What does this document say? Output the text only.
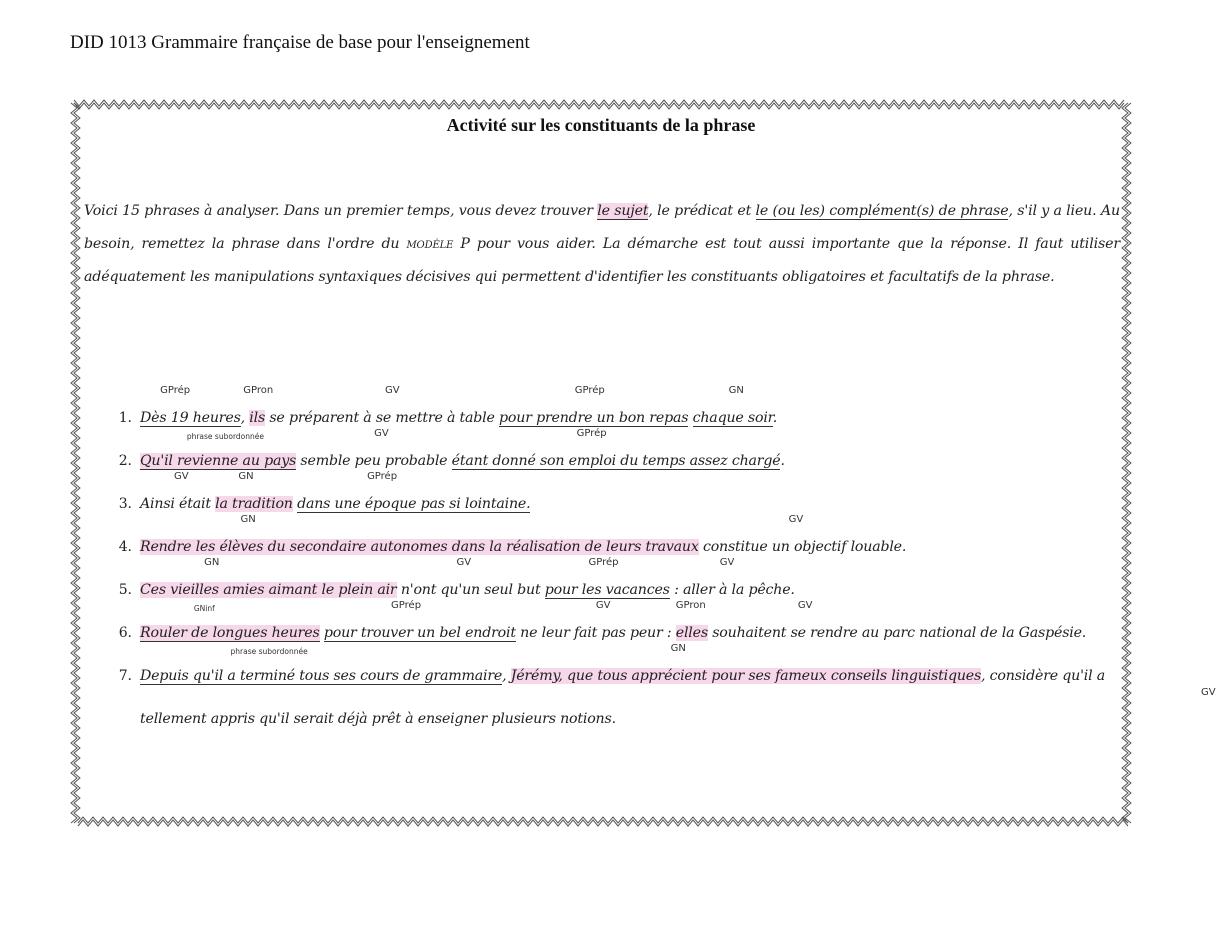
DID 1013 Grammaire française de base pour l'enseignement
Activité sur les constituants de la phrase
Voici 15 phrases à analyser. Dans un premier temps, vous devez trouver le sujet, le prédicat et le (ou les) complément(s) de phrase, s'il y a lieu. Au besoin, remettez la phrase dans l'ordre du modèle P pour vous aider. La démarche est tout aussi importante que la réponse. Il faut utiliser adéquatement les manipulations syntaxiques décisives qui permettent d'identifier les constituants obligatoires et facultatifs de la phrase.
1. GPrép
Dès 19 heures,
GPron
ils
GV
se préparent à se mettre à table
GPrép
pour prendre un bon repas
GN
chaque soir.
2. phrase subordonnée
Qu'il revienne au pays
GV
semble peu probable
GPrép
étant donné son emploi du temps assez chargé.
3. GV
Ainsi était
GN
la tradition
GPrép
dans une époque pas si lointaine.
4. GN
Rendre les élèves du secondaire autonomes dans la réalisation de leurs travaux
GV
constitue un objectif louable.
5. GN
Ces vieilles amies aimant le plein air
GV
n'ont qu'un seul but
GPrép
pour les vacances
GV
: aller à la pêche.
6. GNinf
Rouler de longues heures
GPrép
pour trouver un bel endroit
GV
ne leur fait pas peur :
GPron
elles
GV
souhaitent se rendre au parc national de la Gaspésie.
7. phrase subordonnée
Depuis qu'il a terminé tous ses cours de grammaire,
GN
Jérémy, que tous apprécient pour ses fameux conseils linguistiques, considère qu'il a tellement appris qu'il serait déjà prêt à enseigner plusieurs notions.
GV
